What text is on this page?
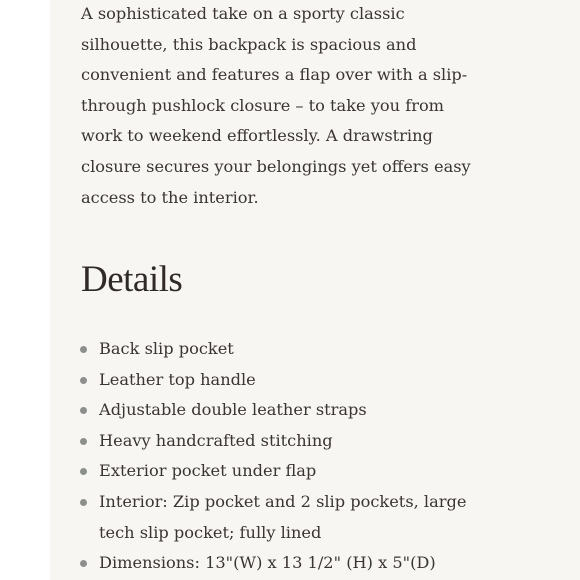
A sophisticated take on a sporty classic
silhouette, this backpack is spacious and
convenient and features a flap over with a slip-
through pushlock closure – to take you from
work to weekend effortlessly. A drawstring
closure secures your belongings yet offers easy
access to the interior.

Details
Back slip pocket
Leather top handle
Adjustable double leather straps
Heavy handcrafted stitching
Exterior pocket under flap
Interior: Zip pocket and 2 slip pockets, large
tech slip pocket; fully lined
Dimensions: 13"(W) x 13 1/2" (H) x 5"(D)
